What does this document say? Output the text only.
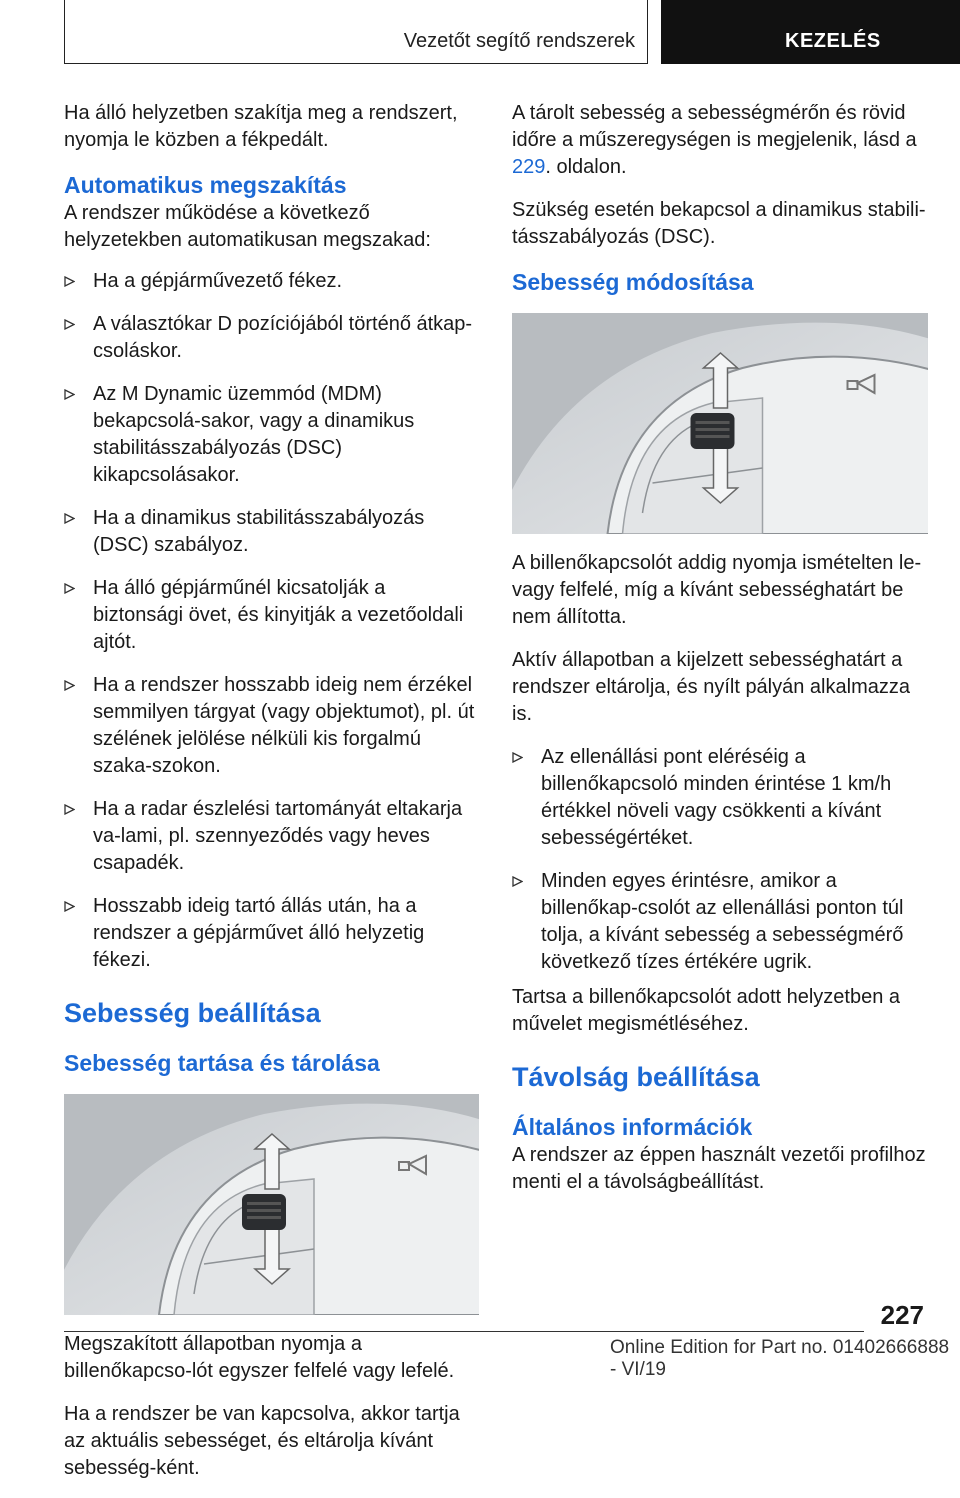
Vezetőt segítő rendszerek	KEZELÉS

Ha álló helyzetben szakítja meg a rendszert, nyomja le közben a fékpedált.

Automatikus megszakítás

A rendszer működése a következő helyzetekben automatikusan megszakad:

Ha a gépjárművezető fékez.
A választókar D pozíciójából történő átkap-csoláskor.
Az M Dynamic üzemmód (MDM) bekapcsolá-sakor, vagy a dinamikus stabilitásszabályozás (DSC) kikapcsolásakor.
Ha a dinamikus stabilitásszabályozás (DSC) szabályoz.
Ha álló gépjárműnél kicsatolják a biztonsági övet, és kinyitják a vezetőoldali ajtót.
Ha a rendszer hosszabb ideig nem érzékel semmilyen tárgyat (vagy objektumot), pl. út szélének jelölése nélküli kis forgalmú szaka-szokon.
Ha a radar észlelési tartományát eltakarja va-lami, pl. szennyeződés vagy heves csapadék.
Hosszabb ideig tartó állás után, ha a rendszer a gépjárművet álló helyzetig fékezi.
Sebesség beállítása
Sebesség tartása és tárolása

Megszakított állapotban nyomja a billenőkapcso-lót egyszer felfelé vagy lefelé.

Ha a rendszer be van kapcsolva, akkor tartja az aktuális sebességet, és eltárolja kívánt sebesség-ként.

A tárolt sebesség a sebességmérőn és rövid időre a műszeregységen is megjelenik, lásd a 229. oldalon.

Szükség esetén bekapcsol a dinamikus stabili-tásszabályozás (DSC).

Sebesség módosítása

A billenőkapcsolót addig nyomja ismételten le-vagy felfelé, míg a kívánt sebességhatárt be nem állította.

Aktív állapotban a kijelzett sebességhatárt a rendszer eltárolja, és nyílt pályán alkalmazza is.

Az ellenállási pont eléréséig a billenőkapcsoló minden érintése 1 km/h értékkel növeli vagy csökkenti a kívánt sebességértéket.
Minden egyes érintésre, amikor a billenőkap-csolót az ellenállási ponton túl tolja, a kívánt sebesség a sebességmérő következő tízes értékére ugrik.

Tartsa a billenőkapcsolót adott helyzetben a művelet megismétléséhez.

Távolság beállítása
Általános információk

A rendszer az éppen használt vezetői profilhoz menti el a távolságbeállítást.

227
Online Edition for Part no. 01402666888 - VI/19
